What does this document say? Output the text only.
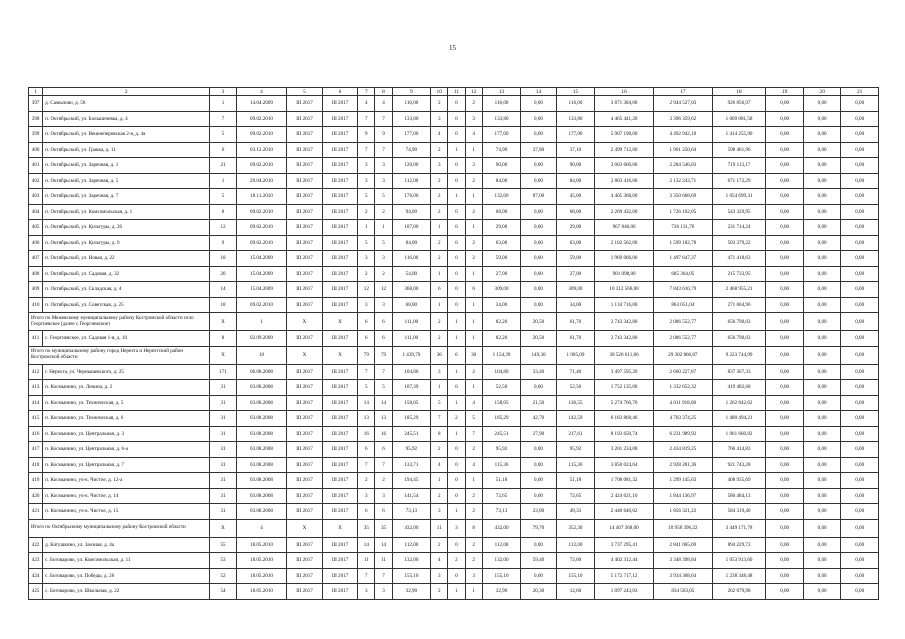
15
1	2	3	4	5	6	7	8	9	10	11	12	13	14	15	16	17	18	19	20	21
397	д. Самылово, д. 58	1	14.04.2009	III 2017	III 2017	4	4	116,00	2	0	2	116,00	0,00	116,00	3 871 384,00	2 944 527,03	926 856,97	0,00	0,00	0,00
398	п. Октябрьский, ул. Большичевка, д. 4	7	09.02.2010	III 2017	III 2017	7	7	133,80	3	0	3	133,80	0,00	133,80	4 465 441,20	3 396 359,62	1 069 081,58	0,00	0,00	0,00
399	п. Октябрьский, ул. Вешнеперовская 2-я, д. 4а	5	09.02.2010	III 2017	III 2017	9	9	177,00	4	0	4	177,00	0,00	177,00	5 907 198,00	4 492 942,10	1 414 255,90	0,00	0,00	0,00
400	п. Октябрьский, ул. Гравка, д. 11	6	03.12.2010	III 2017	III 2017	7	7	74,90	2	1	1	74,90	37,80	37,10	2 499 712,60	1 901 250,64	598 461,96	0,00	0,00	0,00
401	п. Октябрьский, ул. Заречная, д. 1	21	09.02.2010	III 2017	III 2017	3	3	120,00	3	0	3	90,00	0,00	90,00	3 003 660,00	2 284 546,83	719 113,17	0,00	0,00	0,00
402	п. Октябрьский, ул. Заречная, д. 5	1	20.04.2010	III 2017	III 2017	3	3	112,00	2	0	2	84,00	0,00	84,00	2 803 416,00	2 132 243,71	671 172,29	0,00	0,00	0,00
403	п. Октябрьский, ул. Заречная, д. 7	5	18.11.2010	III 2017	III 2017	5	5	176,00	2	1	1	132,00	87,00	45,00	4 405 368,00	3 350 668,69	1 054 699,31	0,00	0,00	0,00
404	п. Октябрьский, ул. Комсомольская, д. 1	8	09.02.2010	III 2017	III 2017	2	2	94,00	2	0	2	68,00	0,00	68,00	2 269 432,00	1 726 102,05	543 329,95	0,00	0,00	0,00
405	п. Октябрьский, ул. Культуры, д. 26	12	09.02.2010	III 2017	III 2017	1	1	107,00	1	0	1	29,00	0,00	29,00	967 846,00	736 131,76	231 714,24	0,00	0,00	0,00
406	п. Октябрьский, ул. Культуры, д. 9	9	09.02.2010	III 2017	III 2017	5	5	84,00	2	0	2	63,00	0,00	63,00	2 102 562,00	1 599 182,78	503 379,22	0,00	0,00	0,00
407	п. Октябрьский, ул. Новая, д. 22	18	15.04.2009	III 2017	III 2017	3	3	116,00	2	0	2	59,00	0,00	59,00	1 969 066,00	1 497 647,37	471 418,63	0,00	0,00	0,00
408	п. Октябрьский, ул. Садовая, д. 32	20	15.04.2009	III 2017	III 2017	2	2	54,00	1	0	1	27,00	0,00	27,00	901 098,00	685 364,05	215 733,95	0,00	0,00	0,00
409	п. Октябрьский, ул. Складская, д. 4	14	15.04.2009	III 2017	III 2017	12	12	368,00	6	0	6	309,00	0,00	309,00	10 312 566,00	7 843 610,79	2 468 955,21	0,00	0,00	0,00
410	п. Октябрьский, ул. Советская, д. 25	18	09.02.2010	III 2017	III 2017	3	3	68,00	1	0	1	34,00	0,00	34,00	1 134 716,00	863 051,04	271 664,96	0,00	0,00	0,00
Итого по Межевскому муниципальному району Костромской области село Георгиевское (далее с.Георгиевское)		X	1	X	X	6	6	111,00	2	1	1	82,20	20,50	61,70	2 743 342,80	2 086 552,77	656 790,03	0,00	0,00	0,00
411	с. Георгиевское, ул. Садовая 1-я, д. 10	8	02.09.2009	III 2017	III 2017	6	6	111,00	2	1	1	82,20	20,50	61,70	2 743 342,80	2 086 552,77	656 790,03	0,00	0,00	0,00
Итого по муниципальному району город Нерехта и Нерехтский район Костромской области		X	10	X	X	79	79	1 439,79	36	6	30	1 154,39	149,30	1 005,09	38 526 611,86	29 302 866,87	9 223 744,99	0,00	0,00	0,00
412	г. Нерехта, ул. Чернышевского, д. 25	171	06.08.2008	III 2017	III 2017	7	7	104,80	3	1	2	104,80	33,40	71,40	3 497 595,20	2 660 227,87	837 367,33	0,00	0,00	0,00
413	п. Космынино, ул. Ленина, д. 2	31	03.08.2008	III 2017	III 2017	5	5	107,39	1	0	1	52,50	0,00	52,50	1 752 135,00	1 332 652,32	419 482,68	0,00	0,00	0,00
414	п. Космынино, ул. Техническая, д. 5	31	03.08.2008	III 2017	III 2017	14	14	158,05	5	1	4	158,05	21,50	136,55	5 274 760,70	4 011 918,08	1 262 842,62	0,00	0,00	0,00
415	п. Космынино, ул. Техническая, д. 6	31	03.08.2008	III 2017	III 2017	13	13	185,29	7	2	5	185,29	42,70	142,59	6 183 868,46	4 703 374,25	1 480 494,21	0,00	0,00	0,00
416	п. Космынино, ул. Центральная, д. 3	31	03.08.2008	III 2017	III 2017	16	16	245,51	8	1	7	245,51	27,90	217,61	8 193 650,74	6 231 989,92	1 961 660,82	0,00	0,00	0,00
417	п. Космынино, ул. Центральная, д. 6-а	31	03.08.2008	III 2017	III 2017	6	6	95,92	2	0	2	95,92	0,00	95,92	3 201 234,08	2 434 819,25	766 414,83	0,00	0,00	0,00
418	п. Космынино, ул. Центральная, д. 7	31	03.08.2008	III 2017	III 2017	7	7	133,71	4	0	4	115,36	0,00	115,36	3 850 024,64	2 928 281,36	921 743,28	0,00	0,00	0,00
419	п. Космынино, уч-к. Чистое, д. 12-а	31	03.08.2008	III 2017	III 2017	2	2	194,45	1	0	1	51,18	0,00	51,18	1 708 081,32	1 299 145,63	408 935,69	0,00	0,00	0,00
420	п. Космынино, уч-к. Чистое, д. 14	31	03.08.2008	III 2017	III 2017	3	3	141,54	2	0	2	72,65	0,00	72,65	2 424 621,10	1 844 136,97	580 484,13	0,00	0,00	0,00
421	п. Космынино, уч-к. Чистое, д. 15	31	03.08.2008	III 2017	III 2017	6	6	73,13	3	1	2	73,13	23,80	49,33	2 440 640,62	1 856 321,22	584 319,40	0,00	0,00	0,00
Итого по Октябрьскому муниципальному району Костромской области		X	4	X	X	35	35	432,00	11	3	8	432,00	79,70	352,30	14 407 368,00	10 958 396,22	3 449 171,78	0,00	0,00	0,00
422	д. Катушкино, ул. Заозная, д. 4а	55	18.05.2010	III 2017	III 2017	14	14	112,00	2	0	2	112,00	0,00	112,00	3 737 295,41	2 841 065,69	894 229,72	0,00	0,00	0,00
423	с. Боговарово, ул. Комсомольская, д. 11	53	18.05.2010	III 2017	III 2017	11	11	132,00	4	2	2	132,00	59,40	72,60	4 402 312,44	3 348 398,84	1 053 913,60	0,00	0,00	0,00
424	с. Боговарово, ул. Победы, д. 26	52	18.05.2010	III 2017	III 2017	7	7	155,10	3	0	3	155,10	0,00	155,10	5 172 717,12	3 934 368,64	1 238 348,48	0,00	0,00	0,00
425	с. Боговарово, ул. Школьная, д. 22	54	18.05.2010	III 2017	III 2017	3	3	32,90	2	1	1	32,90	20,30	12,60	1 097 243,03	834 563,05	262 679,98	0,00	0,00	0,00
